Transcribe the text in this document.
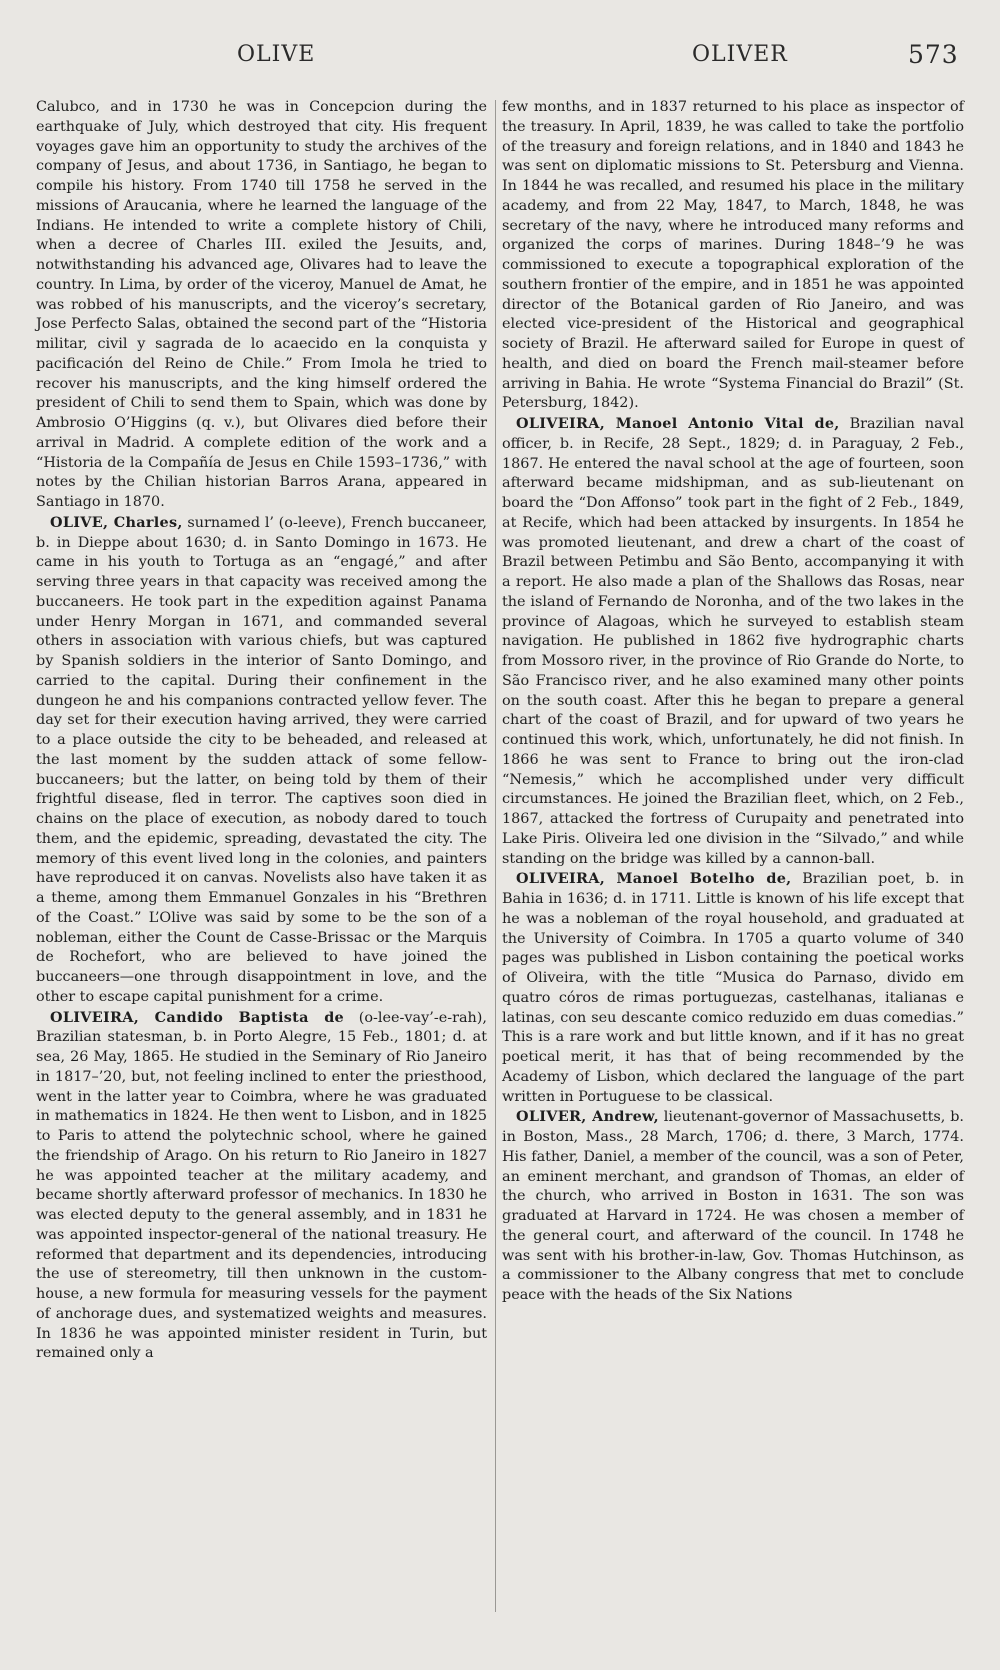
OLIVE	OLIVER	573

Calubco, and in 1730 he was in Concepcion during the earthquake of July, which destroyed that city. His frequent voyages gave him an opportunity to study the archives of the company of Jesus, and about 1736, in Santiago, he began to compile his history. From 1740 till 1758 he served in the missions of Araucania, where he learned the language of the Indians. He intended to write a complete history of Chili, when a decree of Charles III. exiled the Jesuits, and, notwithstanding his advanced age, Olivares had to leave the country. In Lima, by order of the viceroy, Manuel de Amat, he was robbed of his manuscripts, and the viceroy’s secretary, Jose Perfecto Salas, obtained the second part of the “Historia militar, civil y sagrada de lo acaecido en la conquista y pacificación del Reino de Chile.” From Imola he tried to recover his manuscripts, and the king himself ordered the president of Chili to send them to Spain, which was done by Ambrosio O’Higgins (q. v.), but Olivares died before their arrival in Madrid. A complete edition of the work and a “Historia de la Compañía de Jesus en Chile 1593–1736,” with notes by the Chilian historian Barros Arana, appeared in Santiago in 1870.

OLIVE, Charles, surnamed l’ (o-leeve), French buccaneer, b. in Dieppe about 1630; d. in Santo Domingo in 1673. He came in his youth to Tortuga as an “engagé,” and after serving three years in that capacity was received among the buccaneers. He took part in the expedition against Panama under Henry Morgan in 1671, and commanded several others in association with various chiefs, but was captured by Spanish soldiers in the interior of Santo Domingo, and carried to the capital. During their confinement in the dungeon he and his companions contracted yellow fever. The day set for their execution having arrived, they were carried to a place outside the city to be beheaded, and released at the last moment by the sudden attack of some fellow-buccaneers; but the latter, on being told by them of their frightful disease, fled in terror. The captives soon died in chains on the place of execution, as nobody dared to touch them, and the epidemic, spreading, devastated the city. The memory of this event lived long in the colonies, and painters have reproduced it on canvas. Novelists also have taken it as a theme, among them Emmanuel Gonzales in his “Brethren of the Coast.” L’Olive was said by some to be the son of a nobleman, either the Count de Casse-Brissac or the Marquis de Rochefort, who are believed to have joined the buccaneers—one through disappointment in love, and the other to escape capital punishment for a crime.

OLIVEIRA, Candido Baptista de (o-lee-vay’-e-rah), Brazilian statesman, b. in Porto Alegre, 15 Feb., 1801; d. at sea, 26 May, 1865. He studied in the Seminary of Rio Janeiro in 1817–’20, but, not feeling inclined to enter the priesthood, went in the latter year to Coimbra, where he was graduated in mathematics in 1824. He then went to Lisbon, and in 1825 to Paris to attend the polytechnic school, where he gained the friendship of Arago. On his return to Rio Janeiro in 1827 he was appointed teacher at the military academy, and became shortly afterward professor of mechanics. In 1830 he was elected deputy to the general assembly, and in 1831 he was appointed inspector-general of the national treasury. He reformed that department and its dependencies, introducing the use of stereometry, till then unknown in the custom-house, a new formula for measuring vessels for the payment of anchorage dues, and systematized weights and measures. In 1836 he was appointed minister resident in Turin, but remained only a

few months, and in 1837 returned to his place as inspector of the treasury. In April, 1839, he was called to take the portfolio of the treasury and foreign relations, and in 1840 and 1843 he was sent on diplomatic missions to St. Petersburg and Vienna. In 1844 he was recalled, and resumed his place in the military academy, and from 22 May, 1847, to March, 1848, he was secretary of the navy, where he introduced many reforms and organized the corps of marines. During 1848–’9 he was commissioned to execute a topographical exploration of the southern frontier of the empire, and in 1851 he was appointed director of the Botanical garden of Rio Janeiro, and was elected vice-president of the Historical and geographical society of Brazil. He afterward sailed for Europe in quest of health, and died on board the French mail-steamer before arriving in Bahia. He wrote “Systema Financial do Brazil” (St. Petersburg, 1842).

OLIVEIRA, Manoel Antonio Vital de, Brazilian naval officer, b. in Recife, 28 Sept., 1829; d. in Paraguay, 2 Feb., 1867. He entered the naval school at the age of fourteen, soon afterward became midshipman, and as sub-lieutenant on board the “Don Affonso” took part in the fight of 2 Feb., 1849, at Recife, which had been attacked by insurgents. In 1854 he was promoted lieutenant, and drew a chart of the coast of Brazil between Petimbu and São Bento, accompanying it with a report. He also made a plan of the Shallows das Rosas, near the island of Fernando de Noronha, and of the two lakes in the province of Alagoas, which he surveyed to establish steam navigation. He published in 1862 five hydrographic charts from Mossoro river, in the province of Rio Grande do Norte, to São Francisco river, and he also examined many other points on the south coast. After this he began to prepare a general chart of the coast of Brazil, and for upward of two years he continued this work, which, unfortunately, he did not finish. In 1866 he was sent to France to bring out the iron-clad “Nemesis,” which he accomplished under very difficult circumstances. He joined the Brazilian fleet, which, on 2 Feb., 1867, attacked the fortress of Curupaity and penetrated into Lake Piris. Oliveira led one division in the “Silvado,” and while standing on the bridge was killed by a cannon-ball.

OLIVEIRA, Manoel Botelho de, Brazilian poet, b. in Bahia in 1636; d. in 1711. Little is known of his life except that he was a nobleman of the royal household, and graduated at the University of Coimbra. In 1705 a quarto volume of 340 pages was published in Lisbon containing the poetical works of Oliveira, with the title “Musica do Parnaso, divido em quatro córos de rimas portuguezas, castelhanas, italianas e latinas, con seu descante comico reduzido em duas comedias.” This is a rare work and but little known, and if it has no great poetical merit, it has that of being recommended by the Academy of Lisbon, which declared the language of the part written in Portuguese to be classical.

OLIVER, Andrew, lieutenant-governor of Massachusetts, b. in Boston, Mass., 28 March, 1706; d. there, 3 March, 1774. His father, Daniel, a member of the council, was a son of Peter, an eminent merchant, and grandson of Thomas, an elder of the church, who arrived in Boston in 1631. The son was graduated at Harvard in 1724. He was chosen a member of the general court, and afterward of the council. In 1748 he was sent with his brother-in-law, Gov. Thomas Hutchinson, as a commissioner to the Albany congress that met to conclude peace with the heads of the Six Nations
